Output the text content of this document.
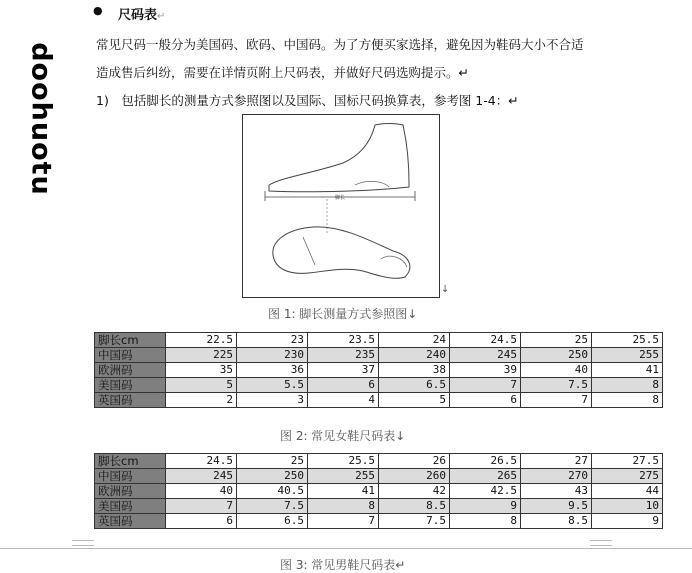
doohuotu
● 尺码表↵
常见尺码一般分为美国码、欧码、中国码。为了方便买家选择，避免因为鞋码大小不合适
造成售后纠纷，需要在详情页附上尺码表，并做好尺码选购提示。↵
1)　包括脚长的测量方式参照图以及国际、国标尺码换算表，参考图 1-4：↵
脚长
↓
图 1: 脚长测量方式参照图↓
脚长cm	22.5	23	23.5	24	24.5	25	25.5
中国码	225	230	235	240	245	250	255
欧洲码	35	36	37	38	39	40	41
美国码	5	5.5	6	6.5	7	7.5	8
英国码	2	3	4	5	6	7	8
图 2: 常见女鞋尺码表↓
脚长cm	24.5	25	25.5	26	26.5	27	27.5
中国码	245	250	255	260	265	270	275
欧洲码	40	40.5	41	42	42.5	43	44
美国码	7	7.5	8	8.5	9	9.5	10
英国码	6	6.5	7	7.5	8	8.5	9
图 3: 常见男鞋尺码表↵
